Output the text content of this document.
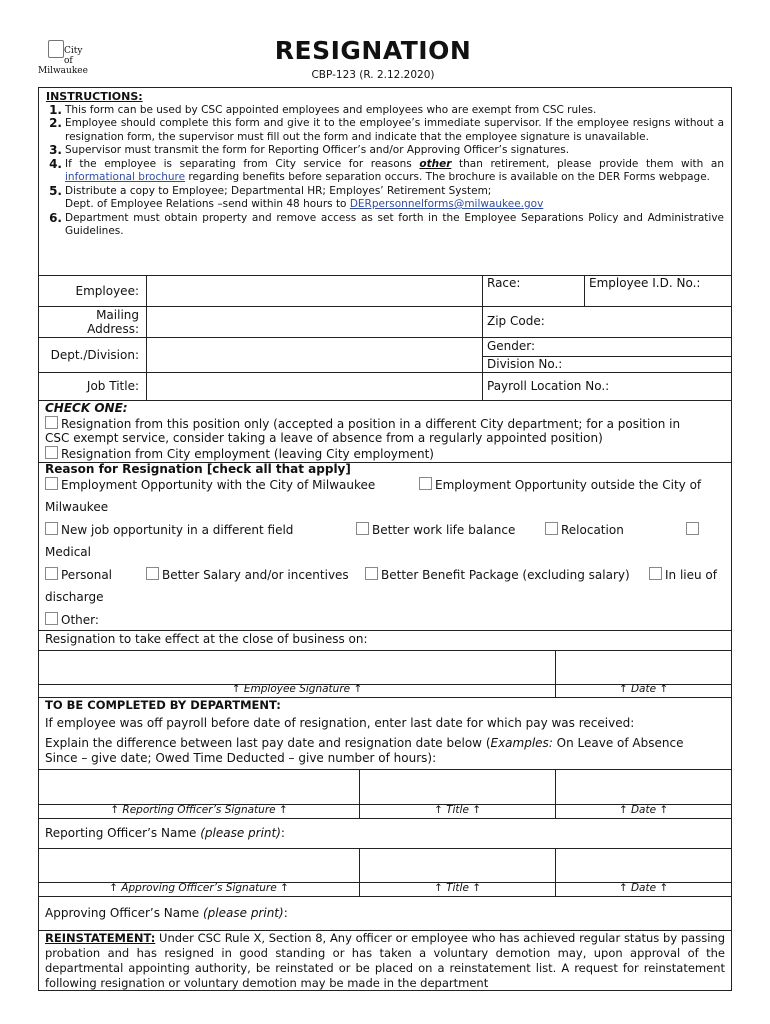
City
of
Milwaukee
RESIGNATION
CBP-123 (R. 2.12.2020)
INSTRUCTIONS:
1. This form can be used by CSC appointed employees and employees who are exempt from CSC rules.
2. Employee should complete this form and give it to the employee’s immediate supervisor. If the employee resigns without a resignation form, the supervisor must fill out the form and indicate that the employee signature is unavailable.
3. Supervisor must transmit the form for Reporting Officer’s and/or Approving Officer’s signatures.
4. If the employee is separating from City service for reasons other than retirement, please provide them with an informational brochure regarding benefits before separation occurs. The brochure is available on the DER Forms webpage.
5. Distribute a copy to Employee; Departmental HR; Employes’ Retirement System;
Dept. of Employee Relations –send within 48 hours to DERpersonnelforms@milwaukee.gov
6. Department must obtain property and remove access as set forth in the Employee Separations Policy and Administrative Guidelines.
Employee:
Race:	Employee I.D. No.:
Mailing
Address:
Zip Code:
Dept./Division:
Gender:
Division No.:
Job Title:	Payroll Location No.:
CHECK ONE:
Resignation from this position only (accepted a position in a different City department; for a position in
CSC exempt service, consider taking a leave of absence from a regularly appointed position)
Resignation from City employment (leaving City employment)
Reason for Resignation [check all that apply]
Employment Opportunity with the City of Milwaukee	Employment Opportunity outside the City of
Milwaukee
New job opportunity in a different field	Better work life balance	Relocation
Medical
Personal	Better Salary and/or incentives	Better Benefit Package (excluding salary)	In lieu of
discharge
Other:
Resignation to take effect at the close of business on:
↑ Employee Signature ↑	↑ Date ↑
TO BE COMPLETED BY DEPARTMENT:
If employee was off payroll before date of resignation, enter last date for which pay was received:
Explain the difference between last pay date and resignation date below (Examples: On Leave of Absence
Since – give date; Owed Time Deducted – give number of hours):
↑ Reporting Officer’s Signature ↑	↑ Title ↑	↑ Date ↑
Reporting Officer’s Name (please print):
↑ Approving Officer’s Signature ↑	↑ Title ↑	↑ Date ↑
Approving Officer’s Name (please print):
REINSTATEMENT: Under CSC Rule X, Section 8, Any officer or employee who has achieved regular status by passing probation and has resigned in good standing or has taken a voluntary demotion may, upon approval of the departmental appointing authority, be reinstated or be placed on a reinstatement list. A request for reinstatement following resignation or voluntary demotion may be made in the department
